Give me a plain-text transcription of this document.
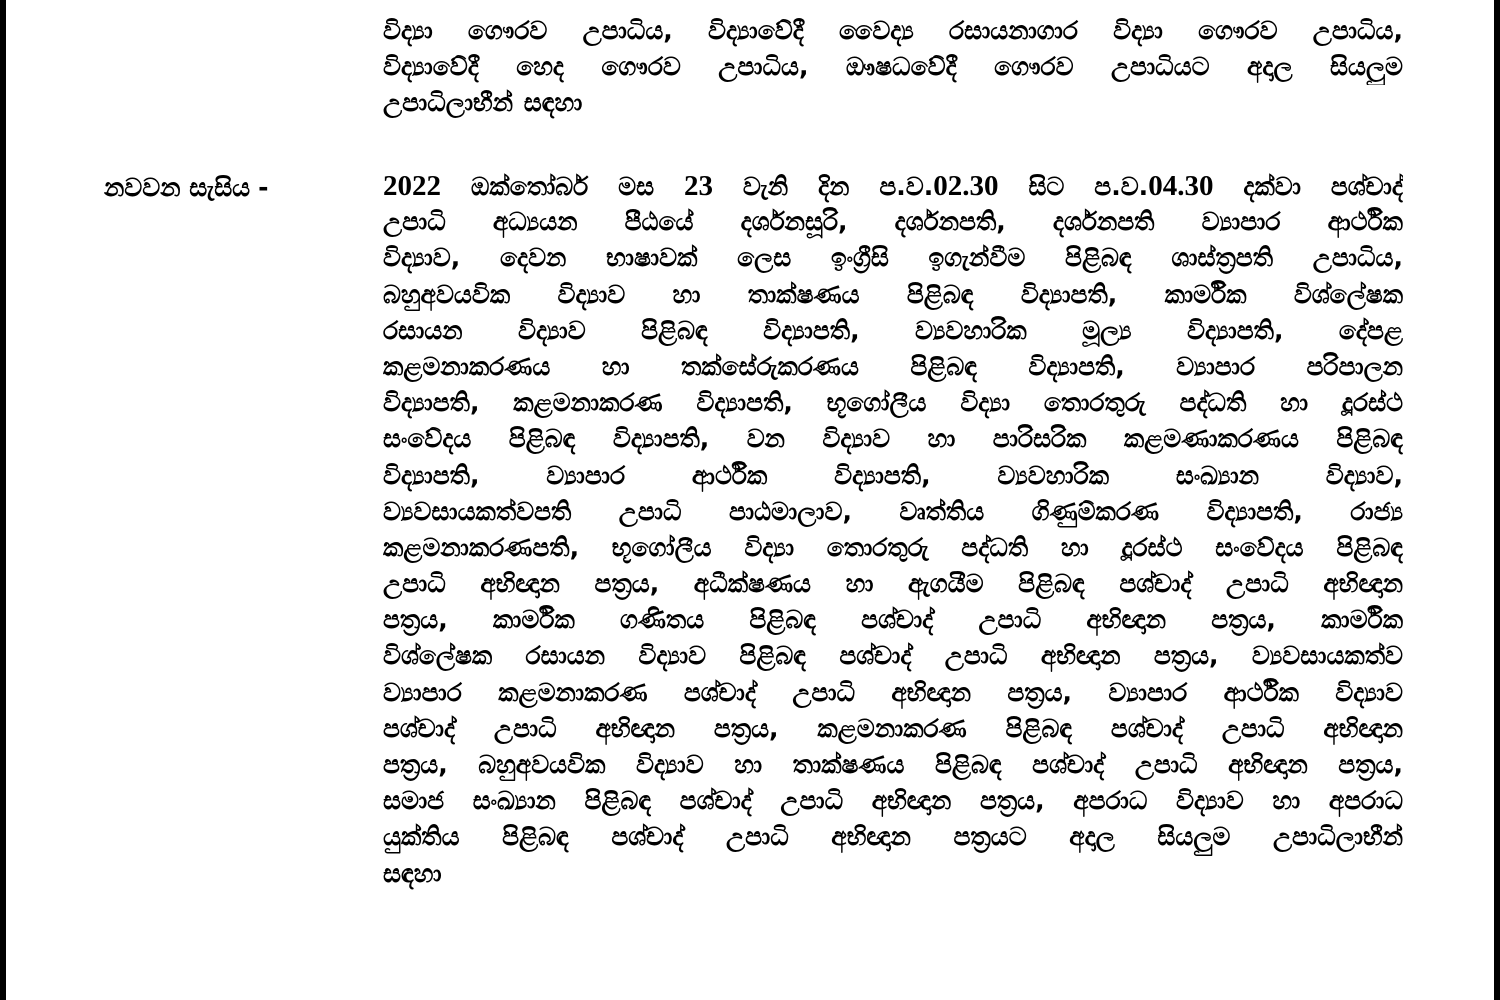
විද්‍යා ගෞරව උපාධිය, විද්‍යාවේදී වෛද්‍ය රසායනාගාර විද්‍යා ගෞරව උපාධිය,
විද්‍යාවේදී හෙද ගෞරව උපාධිය, ඖෂධවේදී ගෞරව උපාධියට අදාල සියලුම
උපාධිලාභීන් සඳහා
නවවන සැසිය -	2022 ඔක්තෝබර් මස 23 වැනි දින ප.ව.02.30 සිට ප.ව.04.30 දක්වා පශ්චාද්
උපාධි අධ්‍යයන පීඨයේ දර්ශනසූරි, දර්ශනපති, දර්ශනපති ව්‍යාපාර ආර්ථික
විද්‍යාව, දෙවන භාෂාවක් ලෙස ඉංග්‍රීසි ඉගැන්වීම පිළිබඳ ශාස්ත්‍රපති උපාධිය,
බහුඅවයවික විද්‍යාව හා තාක්ෂණය පිළිබඳ විද්‍යාපති, කාර්මික විශ්ලේෂක
රසායන විද්‍යාව පිළිබඳ විද්‍යාපති, ව්‍යවහාරික මූල්‍ය විද්‍යාපති, දේපළ
කළමනාකරණය හා තක්සේරුකරණය පිළිබඳ විද්‍යාපති, ව්‍යාපාර පරිපාලන
විද්‍යාපති, කළමනාකරණ විද්‍යාපති, භූගෝලීය විද්‍යා තොරතුරු පද්ධති හා දූරස්ථ
සංවේදය පිළිබඳ විද්‍යාපති, වන විද්‍යාව හා පාරිසරික කළමණාකරණය පිළිබඳ
විද්‍යාපති, ව්‍යාපාර ආර්ථික විද්‍යාපති, ව්‍යවහාරික සංඛ්‍යාන විද්‍යාව,
ව්‍යවසායකත්වපති උපාධි පාඨමාලාව, වෘත්තිය ගිණුම්කරණ විද්‍යාපති, රාජ්‍ය
කළමනාකරණපති, භූගෝලීය විද්‍යා තොරතුරු පද්ධති හා දූරස්ථ සංවේදය පිළිබඳ
උපාධි අභිඥාන පත්‍රය, අධීක්ෂණය හා ඇගයීම පිළිබඳ පශ්චාද් උපාධි අභිඥාන
පත්‍රය, කාර්මික ගණිතය පිළිබඳ පශ්චාද් උපාධි අභිඥාන පත්‍රය, කාර්මික
විශ්ලේෂක රසායන විද්‍යාව පිළිබඳ පශ්චාද් උපාධි අභිඥාන පත්‍රය, ව්‍යවසායකත්ව
ව්‍යාපාර කළමනාකරණ පශ්චාද් උපාධි අභිඥාන පත්‍රය, ව්‍යාපාර ආර්ථික විද්‍යාව
පශ්චාද් උපාධි අභිඥාන පත්‍රය, කළමනාකරණ පිළිබඳ පශ්චාද් උපාධි අභිඥාන
පත්‍රය, බහුඅවයවික විද්‍යාව හා තාක්ෂණය පිළිබඳ පශ්චාද් උපාධි අභිඥාන පත්‍රය,
සමාජ සංඛ්‍යාන පිළිබඳ පශ්චාද් උපාධි අභිඥාන පත්‍රය, අපරාධ විද්‍යාව හා අපරාධ
යුක්තිය පිළිබඳ පශ්චාද් උපාධි අභිඥාන පත්‍රයට අදාල සියලුම උපාධිලාභීන්
සඳහා
